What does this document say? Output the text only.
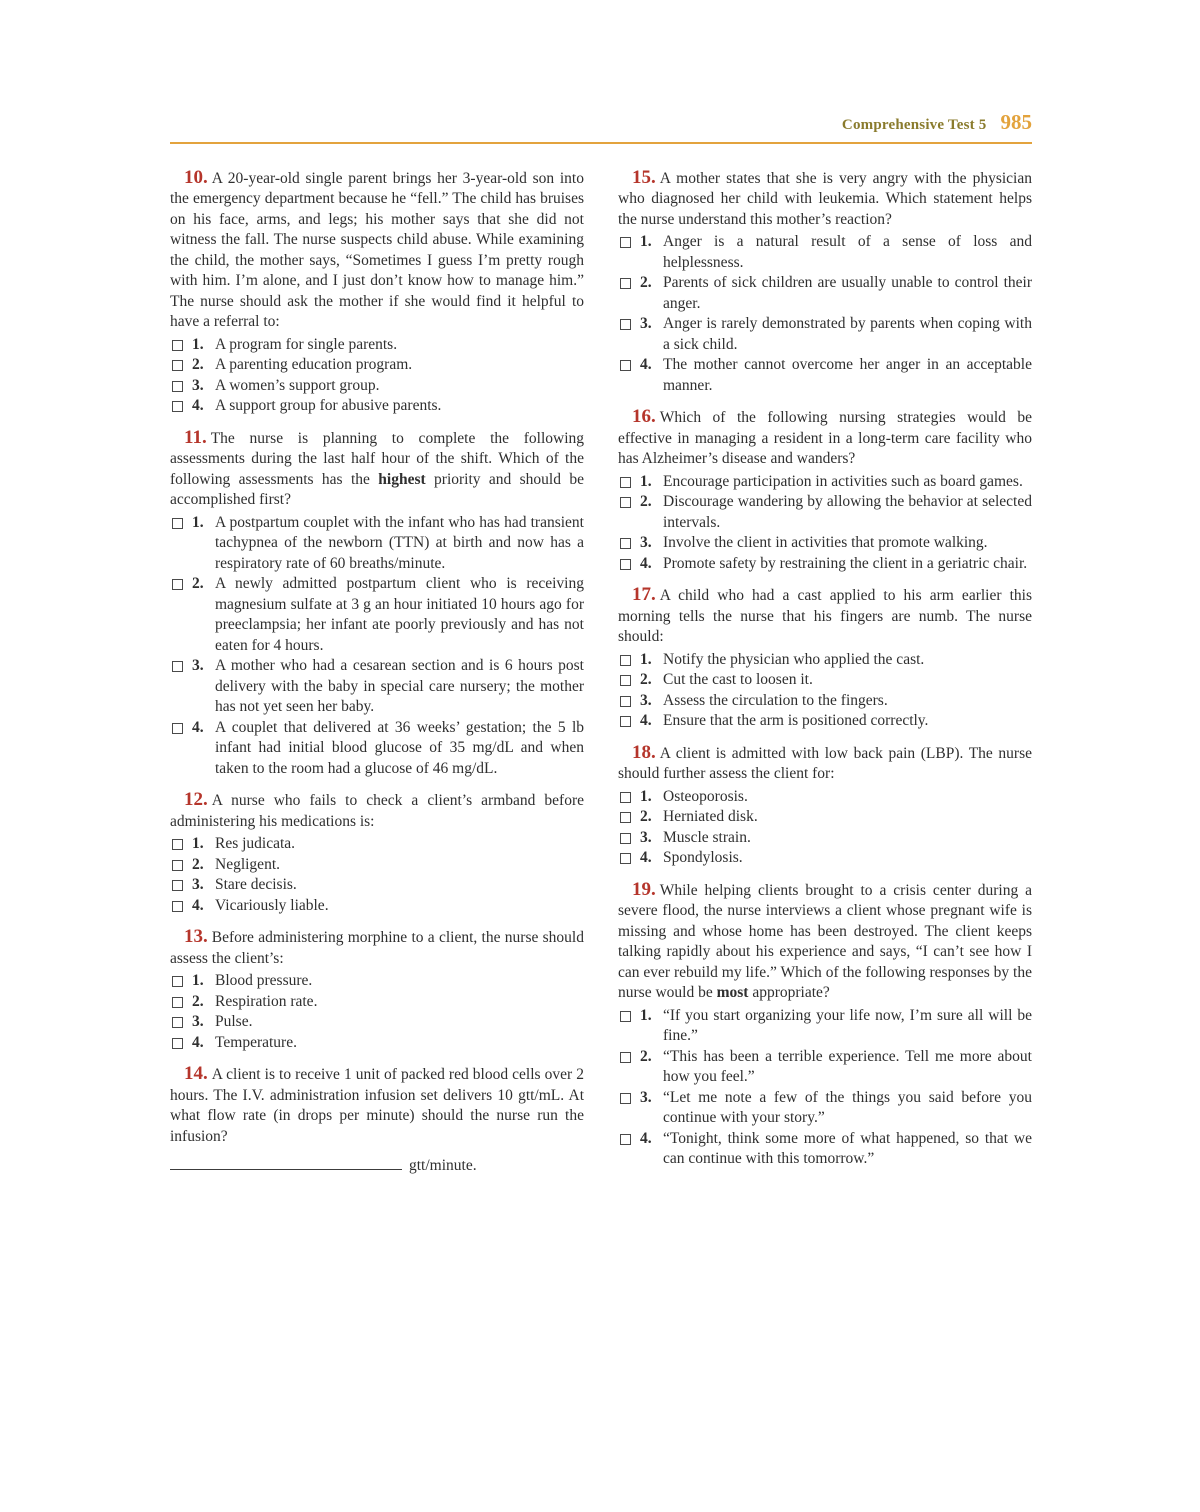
Comprehensive Test 5 985

10. A 20-year-old single parent brings her 3-year-old son into the emergency department because he “fell.” The child has bruises on his face, arms, and legs; his mother says that she did not witness the fall. The nurse suspects child abuse. While examining the child, the mother says, “Sometimes I guess I’m pretty rough with him. I’m alone, and I just don’t know how to manage him.” The nurse should ask the mother if she would find it helpful to have a referral to:

1. A program for single parents.
2. A parenting education program.
3. A women’s support group.
4. A support group for abusive parents.

11. The nurse is planning to complete the following assessments during the last half hour of the shift. Which of the following assessments has the highest priority and should be accomplished first?

1. A postpartum couplet with the infant who has had transient tachypnea of the newborn (TTN) at birth and now has a respiratory rate of 60 breaths/minute.
2. A newly admitted postpartum client who is receiving magnesium sulfate at 3 g an hour initiated 10 hours ago for preeclampsia; her infant ate poorly previously and has not eaten for 4 hours.
3. A mother who had a cesarean section and is 6 hours post delivery with the baby in special care nursery; the mother has not yet seen her baby.
4. A couplet that delivered at 36 weeks’ gestation; the 5 lb infant had initial blood glucose of 35 mg/dL and when taken to the room had a glucose of 46 mg/dL.

12. A nurse who fails to check a client’s armband before administering his medications is:

1. Res judicata.
2. Negligent.
3. Stare decisis.
4. Vicariously liable.

13. Before administering morphine to a client, the nurse should assess the client’s:

1. Blood pressure.
2. Respiration rate.
3. Pulse.
4. Temperature.

14. A client is to receive 1 unit of packed red blood cells over 2 hours. The I.V. administration infusion set delivers 10 gtt/mL. At what flow rate (in drops per minute) should the nurse run the infusion?

gtt/minute.

15. A mother states that she is very angry with the physician who diagnosed her child with leukemia. Which statement helps the nurse understand this mother’s reaction?

1. Anger is a natural result of a sense of loss and helplessness.
2. Parents of sick children are usually unable to control their anger.
3. Anger is rarely demonstrated by parents when coping with a sick child.
4. The mother cannot overcome her anger in an acceptable manner.

16. Which of the following nursing strategies would be effective in managing a resident in a long-term care facility who has Alzheimer’s disease and wanders?

1. Encourage participation in activities such as board games.
2. Discourage wandering by allowing the behavior at selected intervals.
3. Involve the client in activities that promote walking.
4. Promote safety by restraining the client in a geriatric chair.

17. A child who had a cast applied to his arm earlier this morning tells the nurse that his fingers are numb. The nurse should:

1. Notify the physician who applied the cast.
2. Cut the cast to loosen it.
3. Assess the circulation to the fingers.
4. Ensure that the arm is positioned correctly.

18. A client is admitted with low back pain (LBP). The nurse should further assess the client for:

1. Osteoporosis.
2. Herniated disk.
3. Muscle strain.
4. Spondylosis.

19. While helping clients brought to a crisis center during a severe flood, the nurse interviews a client whose pregnant wife is missing and whose home has been destroyed. The client keeps talking rapidly about his experience and says, “I can’t see how I can ever rebuild my life.” Which of the following responses by the nurse would be most appropriate?

1. “If you start organizing your life now, I’m sure all will be fine.”
2. “This has been a terrible experience. Tell me more about how you feel.”
3. “Let me note a few of the things you said before you continue with your story.”
4. “Tonight, think some more of what happened, so that we can continue with this tomorrow.”
